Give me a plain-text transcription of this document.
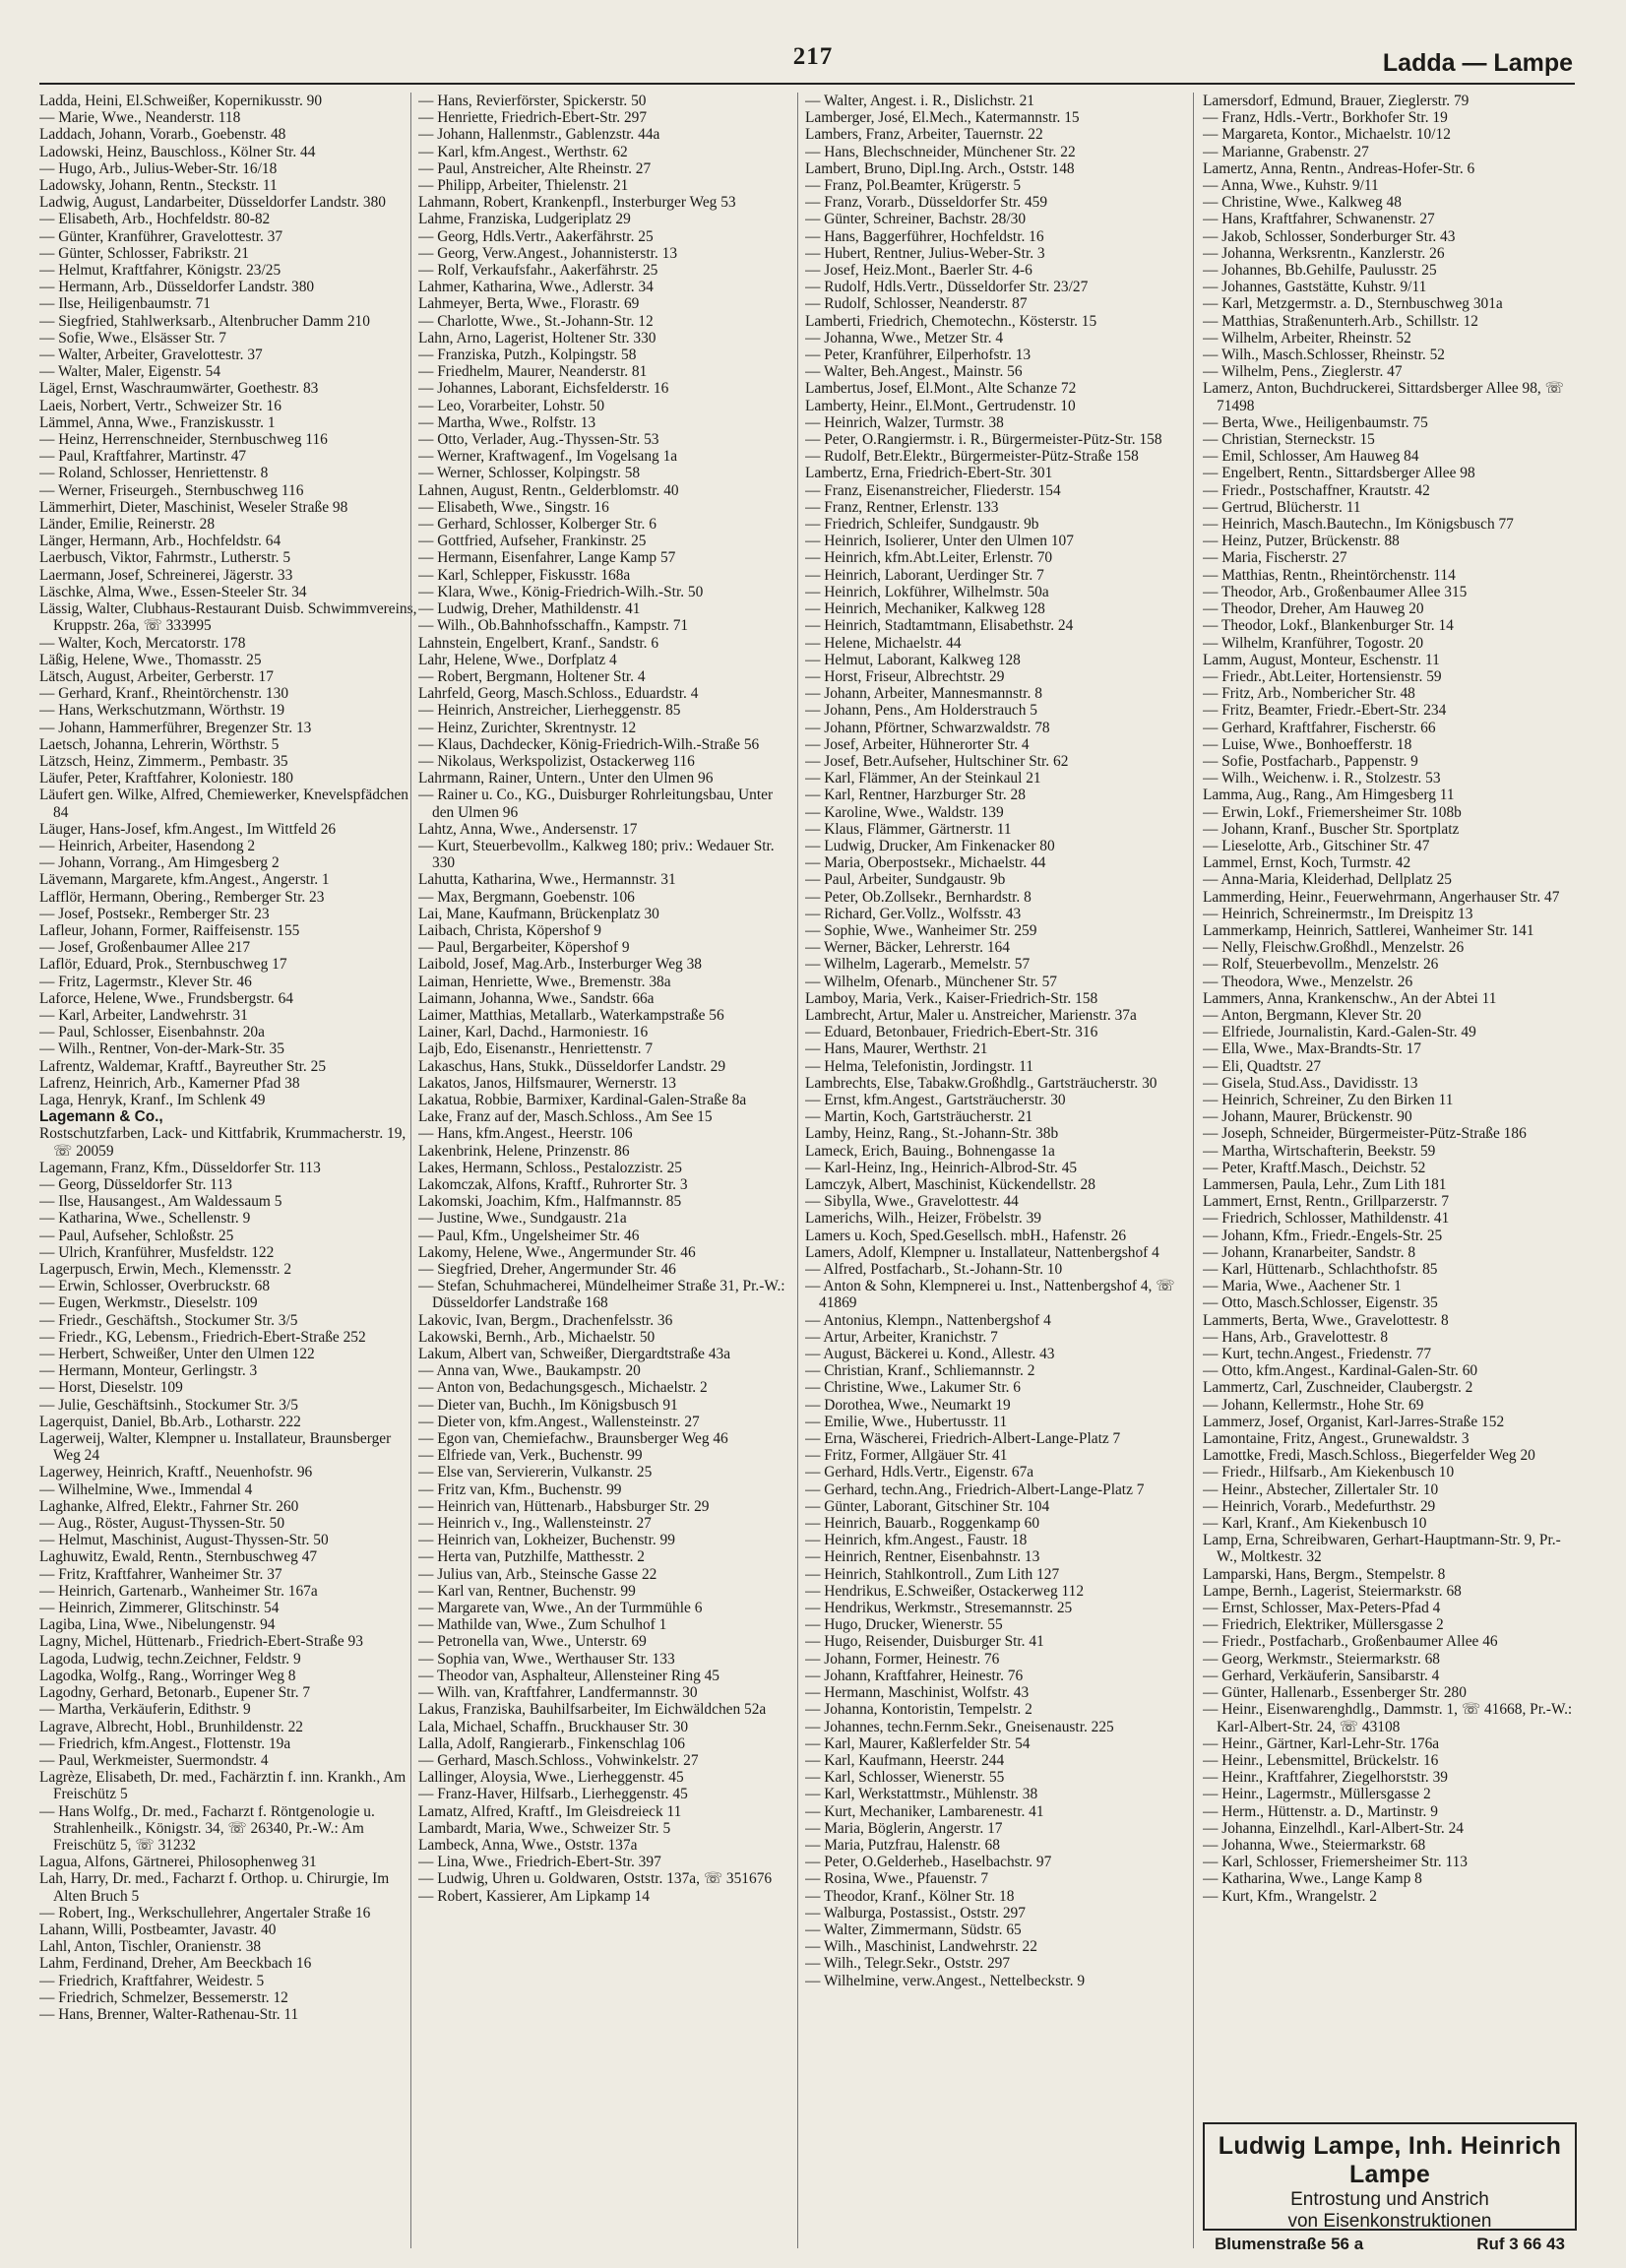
217	Ladda — Lampe
Ladda, Heini, El.Schweißer, Kopernikusstr. 90
— Marie, Wwe., Neanderstr. 118
Laddach, Johann, Vorarb., Goebenstr. 48
Ladowski, Heinz, Bauschloss., Kölner Str. 44
— Hugo, Arb., Julius-Weber-Str. 16/18
Ladowsky, Johann, Rentn., Steckstr. 11
Ladwig, August, Landarbeiter, Düsseldorfer Landstr. 380
— Elisabeth, Arb., Hochfeldstr. 80-82
— Günter, Kranführer, Gravelottestr. 37
— Günter, Schlosser, Fabrikstr. 21
— Helmut, Kraftfahrer, Königstr. 23/25
— Hermann, Arb., Düsseldorfer Landstr. 380
— Ilse, Heiligenbaumstr. 71
— Siegfried, Stahlwerksarb., Altenbrucher Damm 210
— Sofie, Wwe., Elsässer Str. 7
— Walter, Arbeiter, Gravelottestr. 37
— Walter, Maler, Eigenstr. 54
Lägel, Ernst, Waschraumwärter, Goethestr. 83
Laeis, Norbert, Vertr., Schweizer Str. 16
Lämmel, Anna, Wwe., Franziskusstr. 1
— Heinz, Herrenschneider, Sternbuschweg 116
— Paul, Kraftfahrer, Martinstr. 47
— Roland, Schlosser, Henriettenstr. 8
— Werner, Friseurgeh., Sternbuschweg 116
Lämmerhirt, Dieter, Maschinist, Weseler Straße 98
Länder, Emilie, Reinerstr. 28
Länger, Hermann, Arb., Hochfeldstr. 64
Laerbusch, Viktor, Fahrmstr., Lutherstr. 5
Laermann, Josef, Schreinerei, Jägerstr. 33
Läschke, Alma, Wwe., Essen-Steeler Str. 34
Lässig, Walter, Clubhaus-Restaurant Duisb. Schwimmvereins, Kruppstr. 26a, ☏ 333995
— Walter, Koch, Mercatorstr. 178
Läßig, Helene, Wwe., Thomasstr. 25
Lätsch, August, Arbeiter, Gerberstr. 17
— Gerhard, Kranf., Rheintörchenstr. 130
— Hans, Werkschutzmann, Wörthstr. 19
— Johann, Hammerführer, Bregenzer Str. 13
Laetsch, Johanna, Lehrerin, Wörthstr. 5
Lätzsch, Heinz, Zimmerm., Pembastr. 35
Läufer, Peter, Kraftfahrer, Koloniestr. 180
Läufert gen. Wilke, Alfred, Chemiewerker, Knevelspfädchen 84
Läuger, Hans-Josef, kfm.Angest., Im Wittfeld 26
— Heinrich, Arbeiter, Hasendong 2
— Johann, Vorrang., Am Himgesberg 2
Lävemann, Margarete, kfm.Angest., Angerstr. 1
Lafflör, Hermann, Obering., Remberger Str. 23
— Josef, Postsekr., Remberger Str. 23
Lafleur, Johann, Former, Raiffeisenstr. 155
— Josef, Großenbaumer Allee 217
Laflör, Eduard, Prok., Sternbuschweg 17
— Fritz, Lagermstr., Klever Str. 46
Laforce, Helene, Wwe., Frundsbergstr. 64
— Karl, Arbeiter, Landwehrstr. 31
— Paul, Schlosser, Eisenbahnstr. 20a
— Wilh., Rentner, Von-der-Mark-Str. 35
Lafrentz, Waldemar, Kraftf., Bayreuther Str. 25
Lafrenz, Heinrich, Arb., Kamerner Pfad 38
Laga, Henryk, Kranf., Im Schlenk 49
Lagemann & Co.,
Rostschutzfarben, Lack- und Kittfabrik, Krummacherstr. 19, ☏ 20059
Lagemann, Franz, Kfm., Düsseldorfer Str. 113
— Georg, Düsseldorfer Str. 113
— Ilse, Hausangest., Am Waldessaum 5
— Katharina, Wwe., Schellenstr. 9
— Paul, Aufseher, Schloßstr. 25
— Ulrich, Kranführer, Musfeldstr. 122
Lagerpusch, Erwin, Mech., Klemensstr. 2
— Erwin, Schlosser, Overbruckstr. 68
— Eugen, Werkmstr., Dieselstr. 109
— Friedr., Geschäftsh., Stockumer Str. 3/5
— Friedr., KG, Lebensm., Friedrich-Ebert-Straße 252
— Herbert, Schweißer, Unter den Ulmen 122
— Hermann, Monteur, Gerlingstr. 3
— Horst, Dieselstr. 109
— Julie, Geschäftsinh., Stockumer Str. 3/5
Lagerquist, Daniel, Bb.Arb., Lotharstr. 222
Lagerweij, Walter, Klempner u. Installateur, Braunsberger Weg 24
Lagerwey, Heinrich, Kraftf., Neuenhofstr. 96
— Wilhelmine, Wwe., Immendal 4
Laghanke, Alfred, Elektr., Fahrner Str. 260
— Aug., Röster, August-Thyssen-Str. 50
— Helmut, Maschinist, August-Thyssen-Str. 50
Laghuwitz, Ewald, Rentn., Sternbuschweg 47
— Fritz, Kraftfahrer, Wanheimer Str. 37
— Heinrich, Gartenarb., Wanheimer Str. 167a
— Heinrich, Zimmerer, Glitschinstr. 54
Lagiba, Lina, Wwe., Nibelungenstr. 94
Lagny, Michel, Hüttenarb., Friedrich-Ebert-Straße 93
Lagoda, Ludwig, techn.Zeichner, Feldstr. 9
Lagodka, Wolfg., Rang., Worringer Weg 8
Lagodny, Gerhard, Betonarb., Eupener Str. 7
— Martha, Verkäuferin, Edithstr. 9
Lagrave, Albrecht, Hobl., Brunhildenstr. 22
— Friedrich, kfm.Angest., Flottenstr. 19a
— Paul, Werkmeister, Suermondstr. 4
Lagrèze, Elisabeth, Dr. med., Fachärztin f. inn. Krankh., Am Freischütz 5
— Hans Wolfg., Dr. med., Facharzt f. Röntgenologie u. Strahlenheilk., Königstr. 34, ☏ 26340, Pr.-W.: Am Freischütz 5, ☏ 31232
Lagua, Alfons, Gärtnerei, Philosophenweg 31
Lah, Harry, Dr. med., Facharzt f. Orthop. u. Chirurgie, Im Alten Bruch 5
— Robert, Ing., Werkschullehrer, Angertaler Straße 16
Lahann, Willi, Postbeamter, Javastr. 40
Lahl, Anton, Tischler, Oranienstr. 38
Lahm, Ferdinand, Dreher, Am Beeckbach 16
— Friedrich, Kraftfahrer, Weidestr. 5
— Friedrich, Schmelzer, Bessemerstr. 12
— Hans, Brenner, Walter-Rathenau-Str. 11
— Hans, Revierförster, Spickerstr. 50
— Henriette, Friedrich-Ebert-Str. 297
— Johann, Hallenmstr., Gablenzstr. 44a
— Karl, kfm.Angest., Werthstr. 62
— Paul, Anstreicher, Alte Rheinstr. 27
— Philipp, Arbeiter, Thielenstr. 21
Lahmann, Robert, Krankenpfl., Insterburger Weg 53
Lahme, Franziska, Ludgeriplatz 29
— Georg, Hdls.Vertr., Aakerfährstr. 25
— Georg, Verw.Angest., Johannisterstr. 13
— Rolf, Verkaufsfahr., Aakerfährstr. 25
Lahmer, Katharina, Wwe., Adlerstr. 34
Lahmeyer, Berta, Wwe., Florastr. 69
— Charlotte, Wwe., St.-Johann-Str. 12
Lahn, Arno, Lagerist, Holtener Str. 330
— Franziska, Putzh., Kolpingstr. 58
— Friedhelm, Maurer, Neanderstr. 81
— Johannes, Laborant, Eichsfelderstr. 16
— Leo, Vorarbeiter, Lohstr. 50
— Martha, Wwe., Rolfstr. 13
— Otto, Verlader, Aug.-Thyssen-Str. 53
— Werner, Kraftwagenf., Im Vogelsang 1a
— Werner, Schlosser, Kolpingstr. 58
Lahnen, August, Rentn., Gelderblomstr. 40
— Elisabeth, Wwe., Singstr. 16
— Gerhard, Schlosser, Kolberger Str. 6
— Gottfried, Aufseher, Frankinstr. 25
— Hermann, Eisenfahrer, Lange Kamp 57
— Karl, Schlepper, Fiskusstr. 168a
— Klara, Wwe., König-Friedrich-Wilh.-Str. 50
— Ludwig, Dreher, Mathildenstr. 41
— Wilh., Ob.Bahnhofsschaffn., Kampstr. 71
Lahnstein, Engelbert, Kranf., Sandstr. 6
Lahr, Helene, Wwe., Dorfplatz 4
— Robert, Bergmann, Holtener Str. 4
Lahrfeld, Georg, Masch.Schloss., Eduardstr. 4
— Heinrich, Anstreicher, Lierheggenstr. 85
— Heinz, Zurichter, Skrentnystr. 12
— Klaus, Dachdecker, König-Friedrich-Wilh.-Straße 56
— Nikolaus, Werkspolizist, Ostackerweg 116
Lahrmann, Rainer, Untern., Unter den Ulmen 96
— Rainer u. Co., KG., Duisburger Rohrleitungsbau, Unter den Ulmen 96
Lahtz, Anna, Wwe., Andersenstr. 17
— Kurt, Steuerbevollm., Kalkweg 180; priv.: Wedauer Str. 330
Lahutta, Katharina, Wwe., Hermannstr. 31
— Max, Bergmann, Goebenstr. 106
Lai, Mane, Kaufmann, Brückenplatz 30
Laibach, Christa, Köpershof 9
— Paul, Bergarbeiter, Köpershof 9
Laibold, Josef, Mag.Arb., Insterburger Weg 38
Laiman, Henriette, Wwe., Bremenstr. 38a
Laimann, Johanna, Wwe., Sandstr. 66a
Laimer, Matthias, Metallarb., Waterkampstraße 56
Lainer, Karl, Dachd., Harmoniestr. 16
Lajb, Edo, Eisenanstr., Henriettenstr. 7
Lakaschus, Hans, Stukk., Düsseldorfer Landstr. 29
Lakatos, Janos, Hilfsmaurer, Wernerstr. 13
Lakatua, Robbie, Barmixer, Kardinal-Galen-Straße 8a
Lake, Franz auf der, Masch.Schloss., Am See 15
— Hans, kfm.Angest., Heerstr. 106
Lakenbrink, Helene, Prinzenstr. 86
Lakes, Hermann, Schloss., Pestalozzistr. 25
Lakomczak, Alfons, Kraftf., Ruhrorter Str. 3
Lakomski, Joachim, Kfm., Halfmannstr. 85
— Justine, Wwe., Sundgaustr. 21a
— Paul, Kfm., Ungelsheimer Str. 46
Lakomy, Helene, Wwe., Angermunder Str. 46
— Siegfried, Dreher, Angermunder Str. 46
— Stefan, Schuhmacherei, Mündelheimer Straße 31, Pr.-W.: Düsseldorfer Landstraße 168
Lakovic, Ivan, Bergm., Drachenfelsstr. 36
Lakowski, Bernh., Arb., Michaelstr. 50
Lakum, Albert van, Schweißer, Diergardtstraße 43a
— Anna van, Wwe., Baukampstr. 20
— Anton von, Bedachungsgesch., Michaelstr. 2
— Dieter van, Buchh., Im Königsbusch 91
— Dieter von, kfm.Angest., Wallensteinstr. 27
— Egon van, Chemiefachw., Braunsberger Weg 46
— Elfriede van, Verk., Buchenstr. 99
— Else van, Serviererin, Vulkanstr. 25
— Fritz van, Kfm., Buchenstr. 99
— Heinrich van, Hüttenarb., Habsburger Str. 29
— Heinrich v., Ing., Wallensteinstr. 27
— Heinrich van, Lokheizer, Buchenstr. 99
— Herta van, Putzhilfe, Matthesstr. 2
— Julius van, Arb., Steinsche Gasse 22
— Karl van, Rentner, Buchenstr. 99
— Margarete van, Wwe., An der Turmmühle 6
— Mathilde van, Wwe., Zum Schulhof 1
— Petronella van, Wwe., Unterstr. 69
— Sophia van, Wwe., Werthauser Str. 133
— Theodor van, Asphalteur, Allensteiner Ring 45
— Wilh. van, Kraftfahrer, Landfermannstr. 30
Lakus, Franziska, Bauhilfsarbeiter, Im Eichwäldchen 52a
Lala, Michael, Schaffn., Bruckhauser Str. 30
Lalla, Adolf, Rangierarb., Finkenschlag 106
— Gerhard, Masch.Schloss., Vohwinkelstr. 27
Lallinger, Aloysia, Wwe., Lierheggenstr. 45
— Franz-Haver, Hilfsarb., Lierheggenstr. 45
Lamatz, Alfred, Kraftf., Im Gleisdreieck 11
Lambardt, Maria, Wwe., Schweizer Str. 5
Lambeck, Anna, Wwe., Oststr. 137a
— Lina, Wwe., Friedrich-Ebert-Str. 397
— Ludwig, Uhren u. Goldwaren, Oststr. 137a, ☏ 351676
— Robert, Kassierer, Am Lipkamp 14
— Walter, Angest. i. R., Dislichstr. 21
Lamberger, José, El.Mech., Katermannstr. 15
Lambers, Franz, Arbeiter, Tauernstr. 22
— Hans, Blechschneider, Münchener Str. 22
Lambert, Bruno, Dipl.Ing. Arch., Oststr. 148
— Franz, Pol.Beamter, Krügerstr. 5
— Franz, Vorarb., Düsseldorfer Str. 459
— Günter, Schreiner, Bachstr. 28/30
— Hans, Baggerführer, Hochfeldstr. 16
— Hubert, Rentner, Julius-Weber-Str. 3
— Josef, Heiz.Mont., Baerler Str. 4-6
— Rudolf, Hdls.Vertr., Düsseldorfer Str. 23/27
— Rudolf, Schlosser, Neanderstr. 87
Lamberti, Friedrich, Chemotechn., Kösterstr. 15
— Johanna, Wwe., Metzer Str. 4
— Peter, Kranführer, Eilperhofstr. 13
— Walter, Beh.Angest., Mainstr. 56
Lambertus, Josef, El.Mont., Alte Schanze 72
Lamberty, Heinr., El.Mont., Gertrudenstr. 10
— Heinrich, Walzer, Turmstr. 38
— Peter, O.Rangiermstr. i. R., Bürgermeister-Pütz-Str. 158
— Rudolf, Betr.Elektr., Bürgermeister-Pütz-Straße 158
Lambertz, Erna, Friedrich-Ebert-Str. 301
— Franz, Eisenanstreicher, Fliederstr. 154
— Franz, Rentner, Erlenstr. 133
— Friedrich, Schleifer, Sundgaustr. 9b
— Heinrich, Isolierer, Unter den Ulmen 107
— Heinrich, kfm.Abt.Leiter, Erlenstr. 70
— Heinrich, Laborant, Uerdinger Str. 7
— Heinrich, Lokführer, Wilhelmstr. 50a
— Heinrich, Mechaniker, Kalkweg 128
— Heinrich, Stadtamtmann, Elisabethstr. 24
— Helene, Michaelstr. 44
— Helmut, Laborant, Kalkweg 128
— Horst, Friseur, Albrechtstr. 29
— Johann, Arbeiter, Mannesmannstr. 8
— Johann, Pens., Am Holderstrauch 5
— Johann, Pförtner, Schwarzwaldstr. 78
— Josef, Arbeiter, Hühnerorter Str. 4
— Josef, Betr.Aufseher, Hultschiner Str. 62
— Karl, Flämmer, An der Steinkaul 21
— Karl, Rentner, Harzburger Str. 28
— Karoline, Wwe., Waldstr. 139
— Klaus, Flämmer, Gärtnerstr. 11
— Ludwig, Drucker, Am Finkenacker 80
— Maria, Oberpostsekr., Michaelstr. 44
— Paul, Arbeiter, Sundgaustr. 9b
— Peter, Ob.Zollsekr., Bernhardstr. 8
— Richard, Ger.Vollz., Wolfsstr. 43
— Sophie, Wwe., Wanheimer Str. 259
— Werner, Bäcker, Lehrerstr. 164
— Wilhelm, Lagerarb., Memelstr. 57
— Wilhelm, Ofenarb., Münchener Str. 57
Lamboy, Maria, Verk., Kaiser-Friedrich-Str. 158
Lambrecht, Artur, Maler u. Anstreicher, Marienstr. 37a
— Eduard, Betonbauer, Friedrich-Ebert-Str. 316
— Hans, Maurer, Werthstr. 21
— Helma, Telefonistin, Jordingstr. 11
Lambrechts, Else, Tabakw.Großhdlg., Gartsträucherstr. 30
— Ernst, kfm.Angest., Gartsträucherstr. 30
— Martin, Koch, Gartsträucherstr. 21
Lamby, Heinz, Rang., St.-Johann-Str. 38b
Lameck, Erich, Bauing., Bohnengasse 1a
— Karl-Heinz, Ing., Heinrich-Albrod-Str. 45
Lamczyk, Albert, Maschinist, Kückendellstr. 28
— Sibylla, Wwe., Gravelottestr. 44
Lamerichs, Wilh., Heizer, Fröbelstr. 39
Lamers u. Koch, Sped.Gesellsch. mbH., Hafenstr. 26
Lamers, Adolf, Klempner u. Installateur, Nattenbergshof 4
— Alfred, Postfacharb., St.-Johann-Str. 10
— Anton & Sohn, Klempnerei u. Inst., Nattenbergshof 4, ☏ 41869
— Antonius, Klempn., Nattenbergshof 4
— Artur, Arbeiter, Kranichstr. 7
— August, Bäckerei u. Kond., Allestr. 43
— Christian, Kranf., Schliemannstr. 2
— Christine, Wwe., Lakumer Str. 6
— Dorothea, Wwe., Neumarkt 19
— Emilie, Wwe., Hubertusstr. 11
— Erna, Wäscherei, Friedrich-Albert-Lange-Platz 7
— Fritz, Former, Allgäuer Str. 41
— Gerhard, Hdls.Vertr., Eigenstr. 67a
— Gerhard, techn.Ang., Friedrich-Albert-Lange-Platz 7
— Günter, Laborant, Gitschiner Str. 104
— Heinrich, Bauarb., Roggenkamp 60
— Heinrich, kfm.Angest., Faustr. 18
— Heinrich, Rentner, Eisenbahnstr. 13
— Heinrich, Stahlkontroll., Zum Lith 127
— Hendrikus, E.Schweißer, Ostackerweg 112
— Hendrikus, Werkmstr., Stresemannstr. 25
— Hugo, Drucker, Wienerstr. 55
— Hugo, Reisender, Duisburger Str. 41
— Johann, Former, Heinestr. 76
— Johann, Kraftfahrer, Heinestr. 76
— Hermann, Maschinist, Wolfstr. 43
— Johanna, Kontoristin, Tempelstr. 2
— Johannes, techn.Fernm.Sekr., Gneisenaustr. 225
— Karl, Maurer, Kaßlerfelder Str. 54
— Karl, Kaufmann, Heerstr. 244
— Karl, Schlosser, Wienerstr. 55
— Karl, Werkstattmstr., Mühlenstr. 38
— Kurt, Mechaniker, Lambarenestr. 41
— Maria, Böglerin, Angerstr. 17
— Maria, Putzfrau, Halenstr. 68
— Peter, O.Gelderheb., Haselbachstr. 97
— Rosina, Wwe., Pfauenstr. 7
— Theodor, Kranf., Kölner Str. 18
— Walburga, Postassist., Oststr. 297
— Walter, Zimmermann, Südstr. 65
— Wilh., Maschinist, Landwehrstr. 22
— Wilh., Telegr.Sekr., Oststr. 297
— Wilhelmine, verw.Angest., Nettelbeckstr. 9
Lamersdorf, Edmund, Brauer, Zieglerstr. 79
— Franz, Hdls.-Vertr., Borkhofer Str. 19
— Margareta, Kontor., Michaelstr. 10/12
— Marianne, Grabenstr. 27
Lamertz, Anna, Rentn., Andreas-Hofer-Str. 6
— Anna, Wwe., Kuhstr. 9/11
— Christine, Wwe., Kalkweg 48
— Hans, Kraftfahrer, Schwanenstr. 27
— Jakob, Schlosser, Sonderburger Str. 43
— Johanna, Werksrentn., Kanzlerstr. 26
— Johannes, Bb.Gehilfe, Paulusstr. 25
— Johannes, Gaststätte, Kuhstr. 9/11
— Karl, Metzgermstr. a. D., Sternbuschweg 301a
— Matthias, Straßenunterh.Arb., Schillstr. 12
— Wilhelm, Arbeiter, Rheinstr. 52
— Wilh., Masch.Schlosser, Rheinstr. 52
— Wilhelm, Pens., Zieglerstr. 47
Lamerz, Anton, Buchdruckerei, Sittardsberger Allee 98, ☏ 71498
— Berta, Wwe., Heiligenbaumstr. 75
— Christian, Sterneckstr. 15
— Emil, Schlosser, Am Hauweg 84
— Engelbert, Rentn., Sittardsberger Allee 98
— Friedr., Postschaffner, Krautstr. 42
— Gertrud, Blücherstr. 11
— Heinrich, Masch.Bautechn., Im Königsbusch 77
— Heinz, Putzer, Brückenstr. 88
— Maria, Fischerstr. 27
— Matthias, Rentn., Rheintörchenstr. 114
— Theodor, Arb., Großenbaumer Allee 315
— Theodor, Dreher, Am Hauweg 20
— Theodor, Lokf., Blankenburger Str. 14
— Wilhelm, Kranführer, Togostr. 20
Lamm, August, Monteur, Eschenstr. 11
— Friedr., Abt.Leiter, Hortensienstr. 59
— Fritz, Arb., Nombericher Str. 48
— Fritz, Beamter, Friedr.-Ebert-Str. 234
— Gerhard, Kraftfahrer, Fischerstr. 66
— Luise, Wwe., Bonhoefferstr. 18
— Sofie, Postfacharb., Pappenstr. 9
— Wilh., Weichenw. i. R., Stolzestr. 53
Lamma, Aug., Rang., Am Himgesberg 11
— Erwin, Lokf., Friemersheimer Str. 108b
— Johann, Kranf., Buscher Str. Sportplatz
— Lieselotte, Arb., Gitschiner Str. 47
Lammel, Ernst, Koch, Turmstr. 42
— Anna-Maria, Kleiderhad, Dellplatz 25
Lammerding, Heinr., Feuerwehrmann, Angerhauser Str. 47
— Heinrich, Schreinermstr., Im Dreispitz 13
Lammerkamp, Heinrich, Sattlerei, Wanheimer Str. 141
— Nelly, Fleischw.Großhdl., Menzelstr. 26
— Rolf, Steuerbevollm., Menzelstr. 26
— Theodora, Wwe., Menzelstr. 26
Lammers, Anna, Krankenschw., An der Abtei 11
— Anton, Bergmann, Klever Str. 20
— Elfriede, Journalistin, Kard.-Galen-Str. 49
— Ella, Wwe., Max-Brandts-Str. 17
— Eli, Quadtstr. 27
— Gisela, Stud.Ass., Davidisstr. 13
— Heinrich, Schreiner, Zu den Birken 11
— Johann, Maurer, Brückenstr. 90
— Joseph, Schneider, Bürgermeister-Pütz-Straße 186
— Martha, Wirtschafterin, Beekstr. 59
— Peter, Kraftf.Masch., Deichstr. 52
Lammersen, Paula, Lehr., Zum Lith 181
Lammert, Ernst, Rentn., Grillparzerstr. 7
— Friedrich, Schlosser, Mathildenstr. 41
— Johann, Kfm., Friedr.-Engels-Str. 25
— Johann, Kranarbeiter, Sandstr. 8
— Karl, Hüttenarb., Schlachthofstr. 85
— Maria, Wwe., Aachener Str. 1
— Otto, Masch.Schlosser, Eigenstr. 35
Lammerts, Berta, Wwe., Gravelottestr. 8
— Hans, Arb., Gravelottestr. 8
— Kurt, techn.Angest., Friedenstr. 77
— Otto, kfm.Angest., Kardinal-Galen-Str. 60
Lammertz, Carl, Zuschneider, Claubergstr. 2
— Johann, Kellermstr., Hohe Str. 69
Lammerz, Josef, Organist, Karl-Jarres-Straße 152
Lamontaine, Fritz, Angest., Grunewaldstr. 3
Lamottke, Fredi, Masch.Schloss., Biegerfelder Weg 20
— Friedr., Hilfsarb., Am Kiekenbusch 10
— Heinr., Abstecher, Zillertaler Str. 10
— Heinrich, Vorarb., Medefurthstr. 29
— Karl, Kranf., Am Kiekenbusch 10
Lamp, Erna, Schreibwaren, Gerhart-Hauptmann-Str. 9, Pr.-W., Moltkestr. 32
Lamparski, Hans, Bergm., Stempelstr. 8
Lampe, Bernh., Lagerist, Steiermarkstr. 68
— Ernst, Schlosser, Max-Peters-Pfad 4
— Friedrich, Elektriker, Müllersgasse 2
— Friedr., Postfacharb., Großenbaumer Allee 46
— Georg, Werkmstr., Steiermarkstr. 68
— Gerhard, Verkäuferin, Sansibarstr. 4
— Günter, Hallenarb., Essenberger Str. 280
— Heinr., Eisenwarenghdlg., Dammstr. 1, ☏ 41668, Pr.-W.: Karl-Albert-Str. 24, ☏ 43108
— Heinr., Gärtner, Karl-Lehr-Str. 176a
— Heinr., Lebensmittel, Brückelstr. 16
— Heinr., Kraftfahrer, Ziegelhorststr. 39
— Heinr., Lagermstr., Müllersgasse 2
— Herm., Hüttenstr. a. D., Martinstr. 9
— Johanna, Einzelhdl., Karl-Albert-Str. 24
— Johanna, Wwe., Steiermarkstr. 68
— Karl, Schlosser, Friemersheimer Str. 113
— Katharina, Wwe., Lange Kamp 8
— Kurt, Kfm., Wrangelstr. 2
Ludwig Lampe, Inh. Heinrich Lampe
Entrostung und Anstrich
von Eisenkonstruktionen
Blumenstraße 56 a	Ruf 3 66 43
